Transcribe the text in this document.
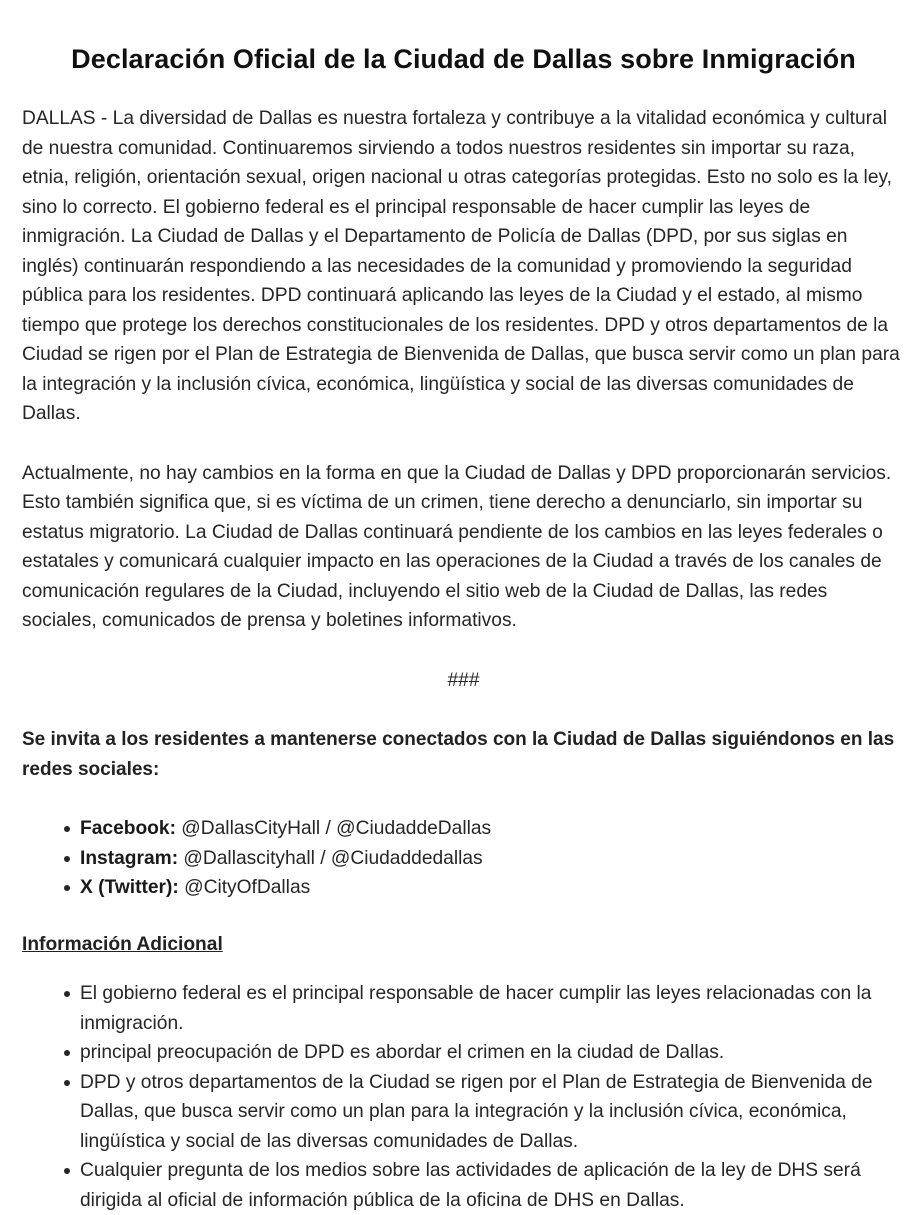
Declaración Oficial de la Ciudad de Dallas sobre Inmigración

DALLAS - La diversidad de Dallas es nuestra fortaleza y contribuye a la vitalidad económica y cultural de nuestra comunidad. Continuaremos sirviendo a todos nuestros residentes sin importar su raza, etnia, religión, orientación sexual, origen nacional u otras categorías protegidas. Esto no solo es la ley, sino lo correcto. El gobierno federal es el principal responsable de hacer cumplir las leyes de inmigración. La Ciudad de Dallas y el Departamento de Policía de Dallas (DPD, por sus siglas en inglés) continuarán respondiendo a las necesidades de la comunidad y promoviendo la seguridad pública para los residentes. DPD continuará aplicando las leyes de la Ciudad y el estado, al mismo tiempo que protege los derechos constitucionales de los residentes. DPD y otros departamentos de la Ciudad se rigen por el Plan de Estrategia de Bienvenida de Dallas, que busca servir como un plan para la integración y la inclusión cívica, económica, lingüística y social de las diversas comunidades de Dallas.

Actualmente, no hay cambios en la forma en que la Ciudad de Dallas y DPD proporcionarán servicios. Esto también significa que, si es víctima de un crimen, tiene derecho a denunciarlo, sin importar su estatus migratorio. La Ciudad de Dallas continuará pendiente de los cambios en las leyes federales o estatales y comunicará cualquier impacto en las operaciones de la Ciudad a través de los canales de comunicación regulares de la Ciudad, incluyendo el sitio web de la Ciudad de Dallas, las redes sociales, comunicados de prensa y boletines informativos.

###
Se invita a los residentes a mantenerse conectados con la Ciudad de Dallas siguiéndonos en las redes sociales:
Facebook: @DallasCityHall / @CiudaddeDallas
Instagram: @Dallascityhall / @Ciudaddedallas
X (Twitter): @CityOfDallas
Información Adicional
El gobierno federal es el principal responsable de hacer cumplir las leyes relacionadas con la inmigración.
principal preocupación de DPD es abordar el crimen en la ciudad de Dallas.
DPD y otros departamentos de la Ciudad se rigen por el Plan de Estrategia de Bienvenida de Dallas, que busca servir como un plan para la integración y la inclusión cívica, económica, lingüística y social de las diversas comunidades de Dallas.
Cualquier pregunta de los medios sobre las actividades de aplicación de la ley de DHS será dirigida al oficial de información pública de la oficina de DHS en Dallas.
